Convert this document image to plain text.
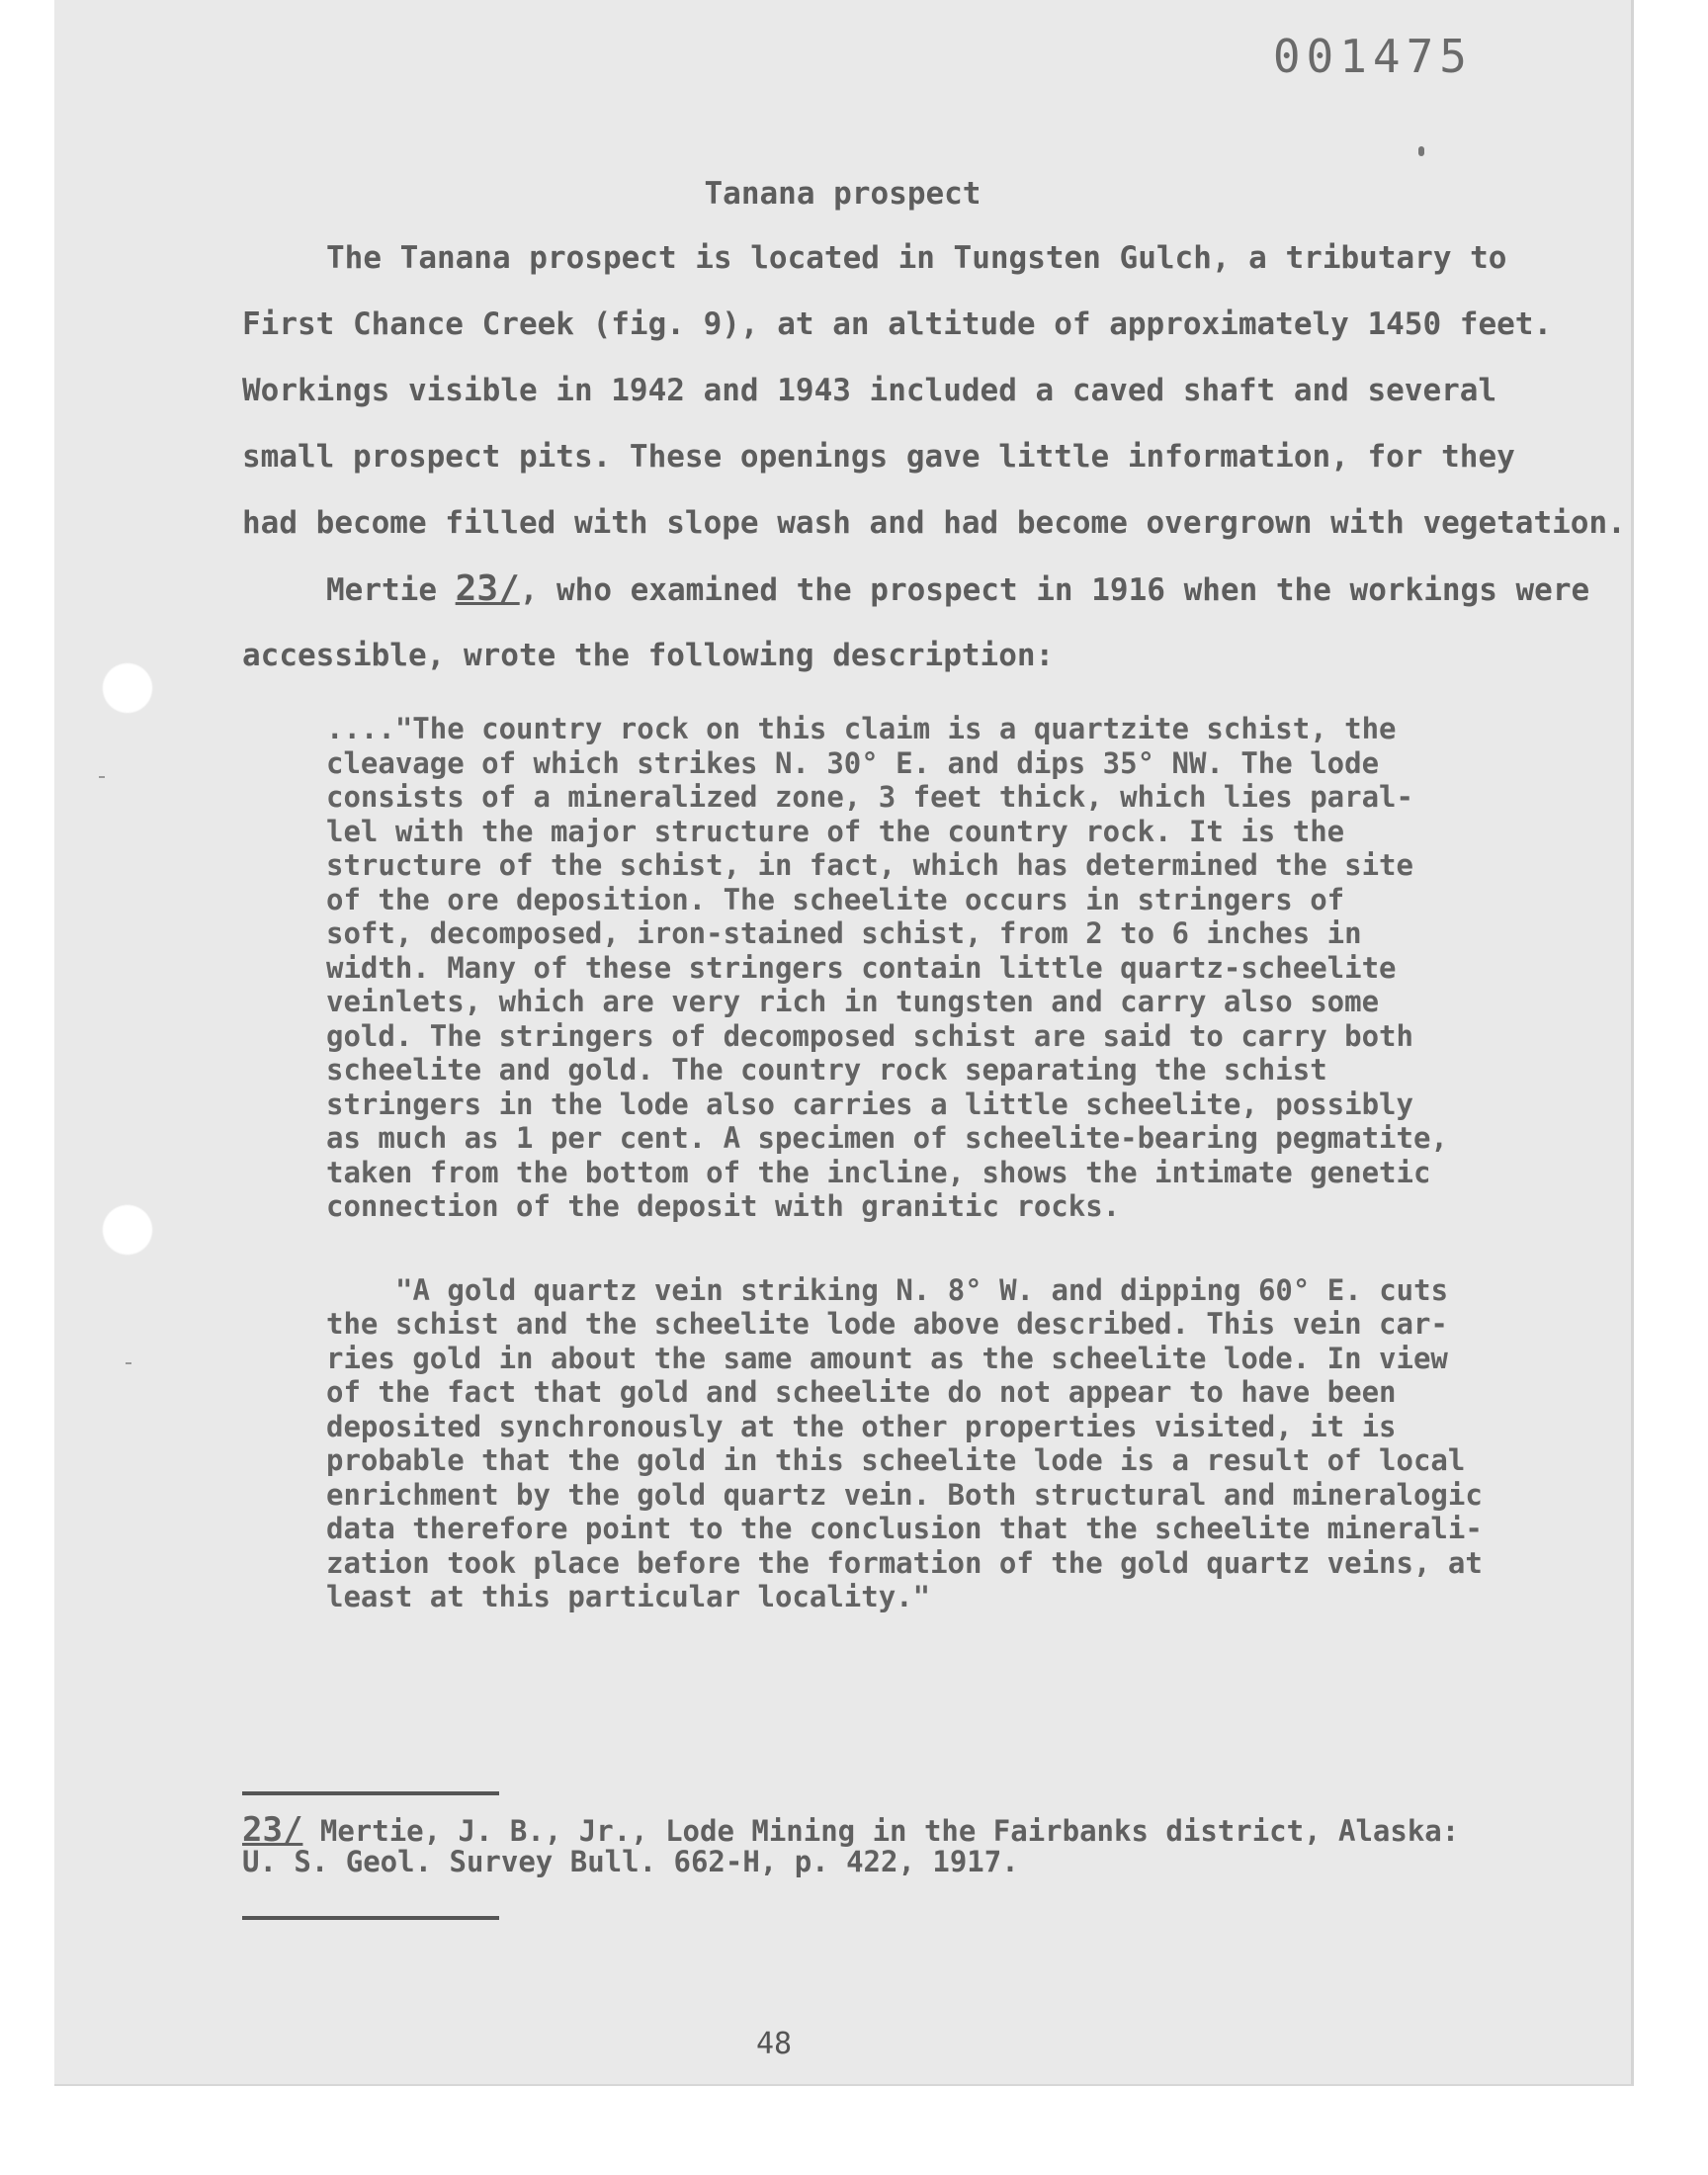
001475
Tanana prospect

The Tanana prospect is located in Tungsten Gulch, a tributary to

First Chance Creek (fig. 9), at an altitude of approximately 1450 feet.

Workings visible in 1942 and 1943 included a caved shaft and several

small prospect pits. These openings gave little information, for they

had become filled with slope wash and had become overgrown with vegetation.

Mertie 23/, who examined the prospect in 1916 when the workings were

accessible, wrote the following description:

...."The country rock on this claim is a quartzite schist, the

cleavage of which strikes N. 30° E. and dips 35° NW. The lode

consists of a mineralized zone, 3 feet thick, which lies paral-

lel with the major structure of the country rock. It is the

structure of the schist, in fact, which has determined the site

of the ore deposition. The scheelite occurs in stringers of

soft, decomposed, iron-stained schist, from 2 to 6 inches in

width. Many of these stringers contain little quartz-scheelite

veinlets, which are very rich in tungsten and carry also some

gold. The stringers of decomposed schist are said to carry both

scheelite and gold. The country rock separating the schist

stringers in the lode also carries a little scheelite, possibly

as much as 1 per cent. A specimen of scheelite-bearing pegmatite,

taken from the bottom of the incline, shows the intimate genetic

connection of the deposit with granitic rocks.

"A gold quartz vein striking N. 8° W. and dipping 60° E. cuts

the schist and the scheelite lode above described. This vein car-

ries gold in about the same amount as the scheelite lode. In view

of the fact that gold and scheelite do not appear to have been

deposited synchronously at the other properties visited, it is

probable that the gold in this scheelite lode is a result of local

enrichment by the gold quartz vein. Both structural and mineralogic

data therefore point to the conclusion that the scheelite minerali-

zation took place before the formation of the gold quartz veins, at

least at this particular locality."

23/ Mertie, J. B., Jr., Lode Mining in the Fairbanks district, Alaska:

U. S. Geol. Survey Bull. 662-H, p. 422, 1917.

48
